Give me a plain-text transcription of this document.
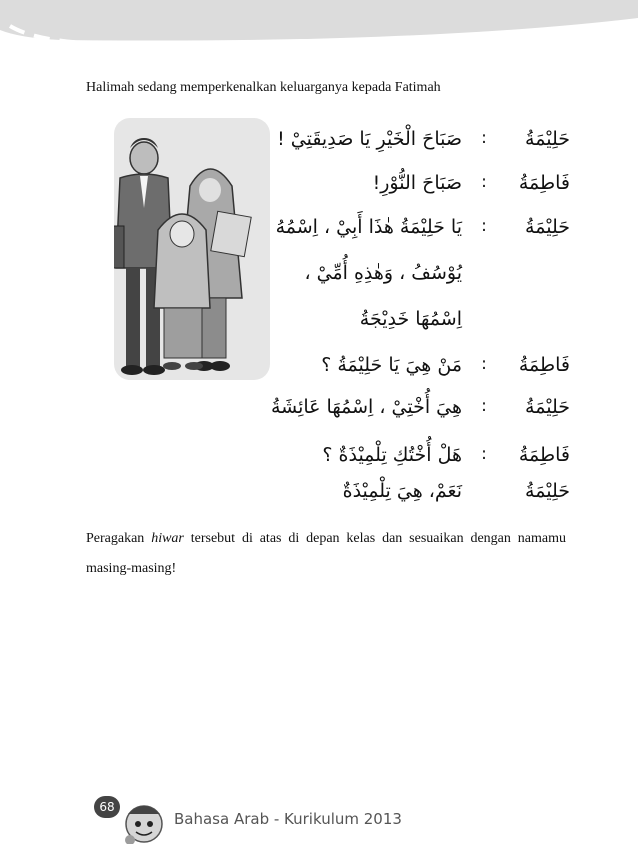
Halimah sedang memperkenalkan keluarganya kepada Fatimah
حَلِيْمَةُ
:
صَبَاحَ الْخَيْرِ يَا صَدِيقَتِيْ !
فَاطِمَةُ
:
صَبَاحَ النُّوْرِ!
حَلِيْمَةُ
:
يَا حَلِيْمَةُ هٰذَا أَبِيْ ، اِسْمُهُ
يُوْسُفُ ، وَهٰذِهِ أُمِّيْ ،
اِسْمُهَا خَدِيْجَةُ
فَاطِمَةُ
:
مَنْ هِيَ يَا حَلِيْمَةُ ؟
حَلِيْمَةُ
:
هِيَ أُخْتِيْ ، اِسْمُهَا عَائِشَةُ
فَاطِمَةُ
:
هَلْ أُخْتُكِ تِلْمِيْذَةٌ ؟
حَلِيْمَةُ
نَعَمْ، هِيَ تِلْمِيْذَةٌ
Peragakan hiwar tersebut di atas di depan kelas dan sesuaikan dengan namamu masing-masing!
68
Bahasa Arab - Kurikulum 2013
